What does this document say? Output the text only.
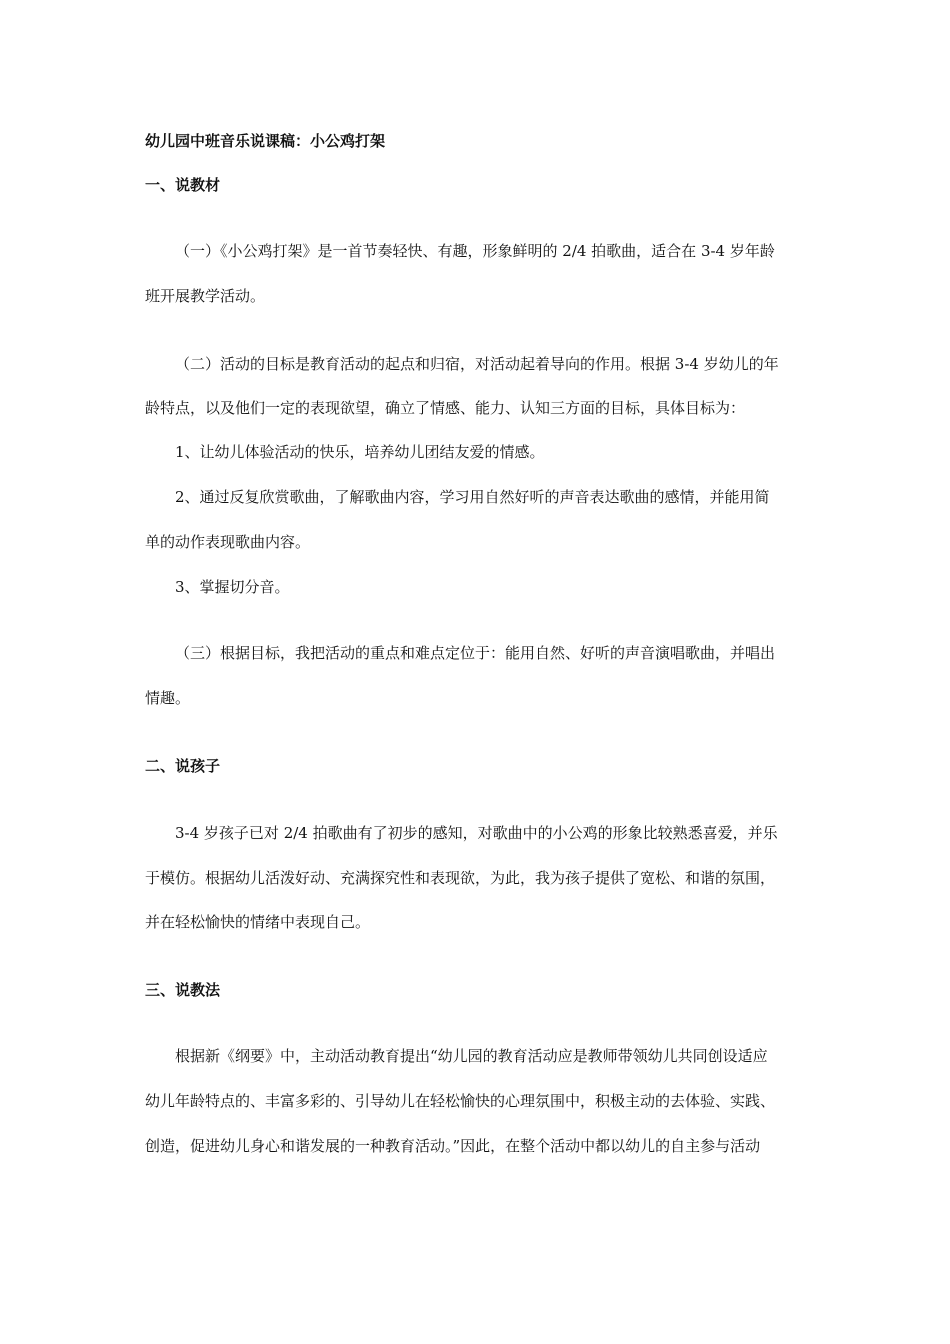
幼儿园中班音乐说课稿：小公鸡打架

一、说教材

（一）《小公鸡打架》是一首节奏轻快、有趣，形象鲜明的 2/4 拍歌曲，适合在 3-4 岁年龄

班开展教学活动。

（二）活动的目标是教育活动的起点和归宿，对活动起着导向的作用。根据 3-4 岁幼儿的年

龄特点，以及他们一定的表现欲望，确立了情感、能力、认知三方面的目标，具体目标为：

1、让幼儿体验活动的快乐，培养幼儿团结友爱的情感。

2、通过反复欣赏歌曲，了解歌曲内容，学习用自然好听的声音表达歌曲的感情，并能用简

单的动作表现歌曲内容。

3、掌握切分音。

（三）根据目标，我把活动的重点和难点定位于：能用自然、好听的声音演唱歌曲，并唱出

情趣。

二、说孩子

3-4 岁孩子已对 2/4 拍歌曲有了初步的感知，对歌曲中的小公鸡的形象比较熟悉喜爱，并乐

于模仿。根据幼儿活泼好动、充满探究性和表现欲，为此，我为孩子提供了宽松、和谐的氛围，

并在轻松愉快的情绪中表现自己。

三、说教法

根据新《纲要》中，主动活动教育提出“幼儿园的教育活动应是教师带领幼儿共同创设适应

幼儿年龄特点的、丰富多彩的、引导幼儿在轻松愉快的心理氛围中，积极主动的去体验、实践、

创造，促进幼儿身心和谐发展的一种教育活动。”因此，在整个活动中都以幼儿的自主参与活动
